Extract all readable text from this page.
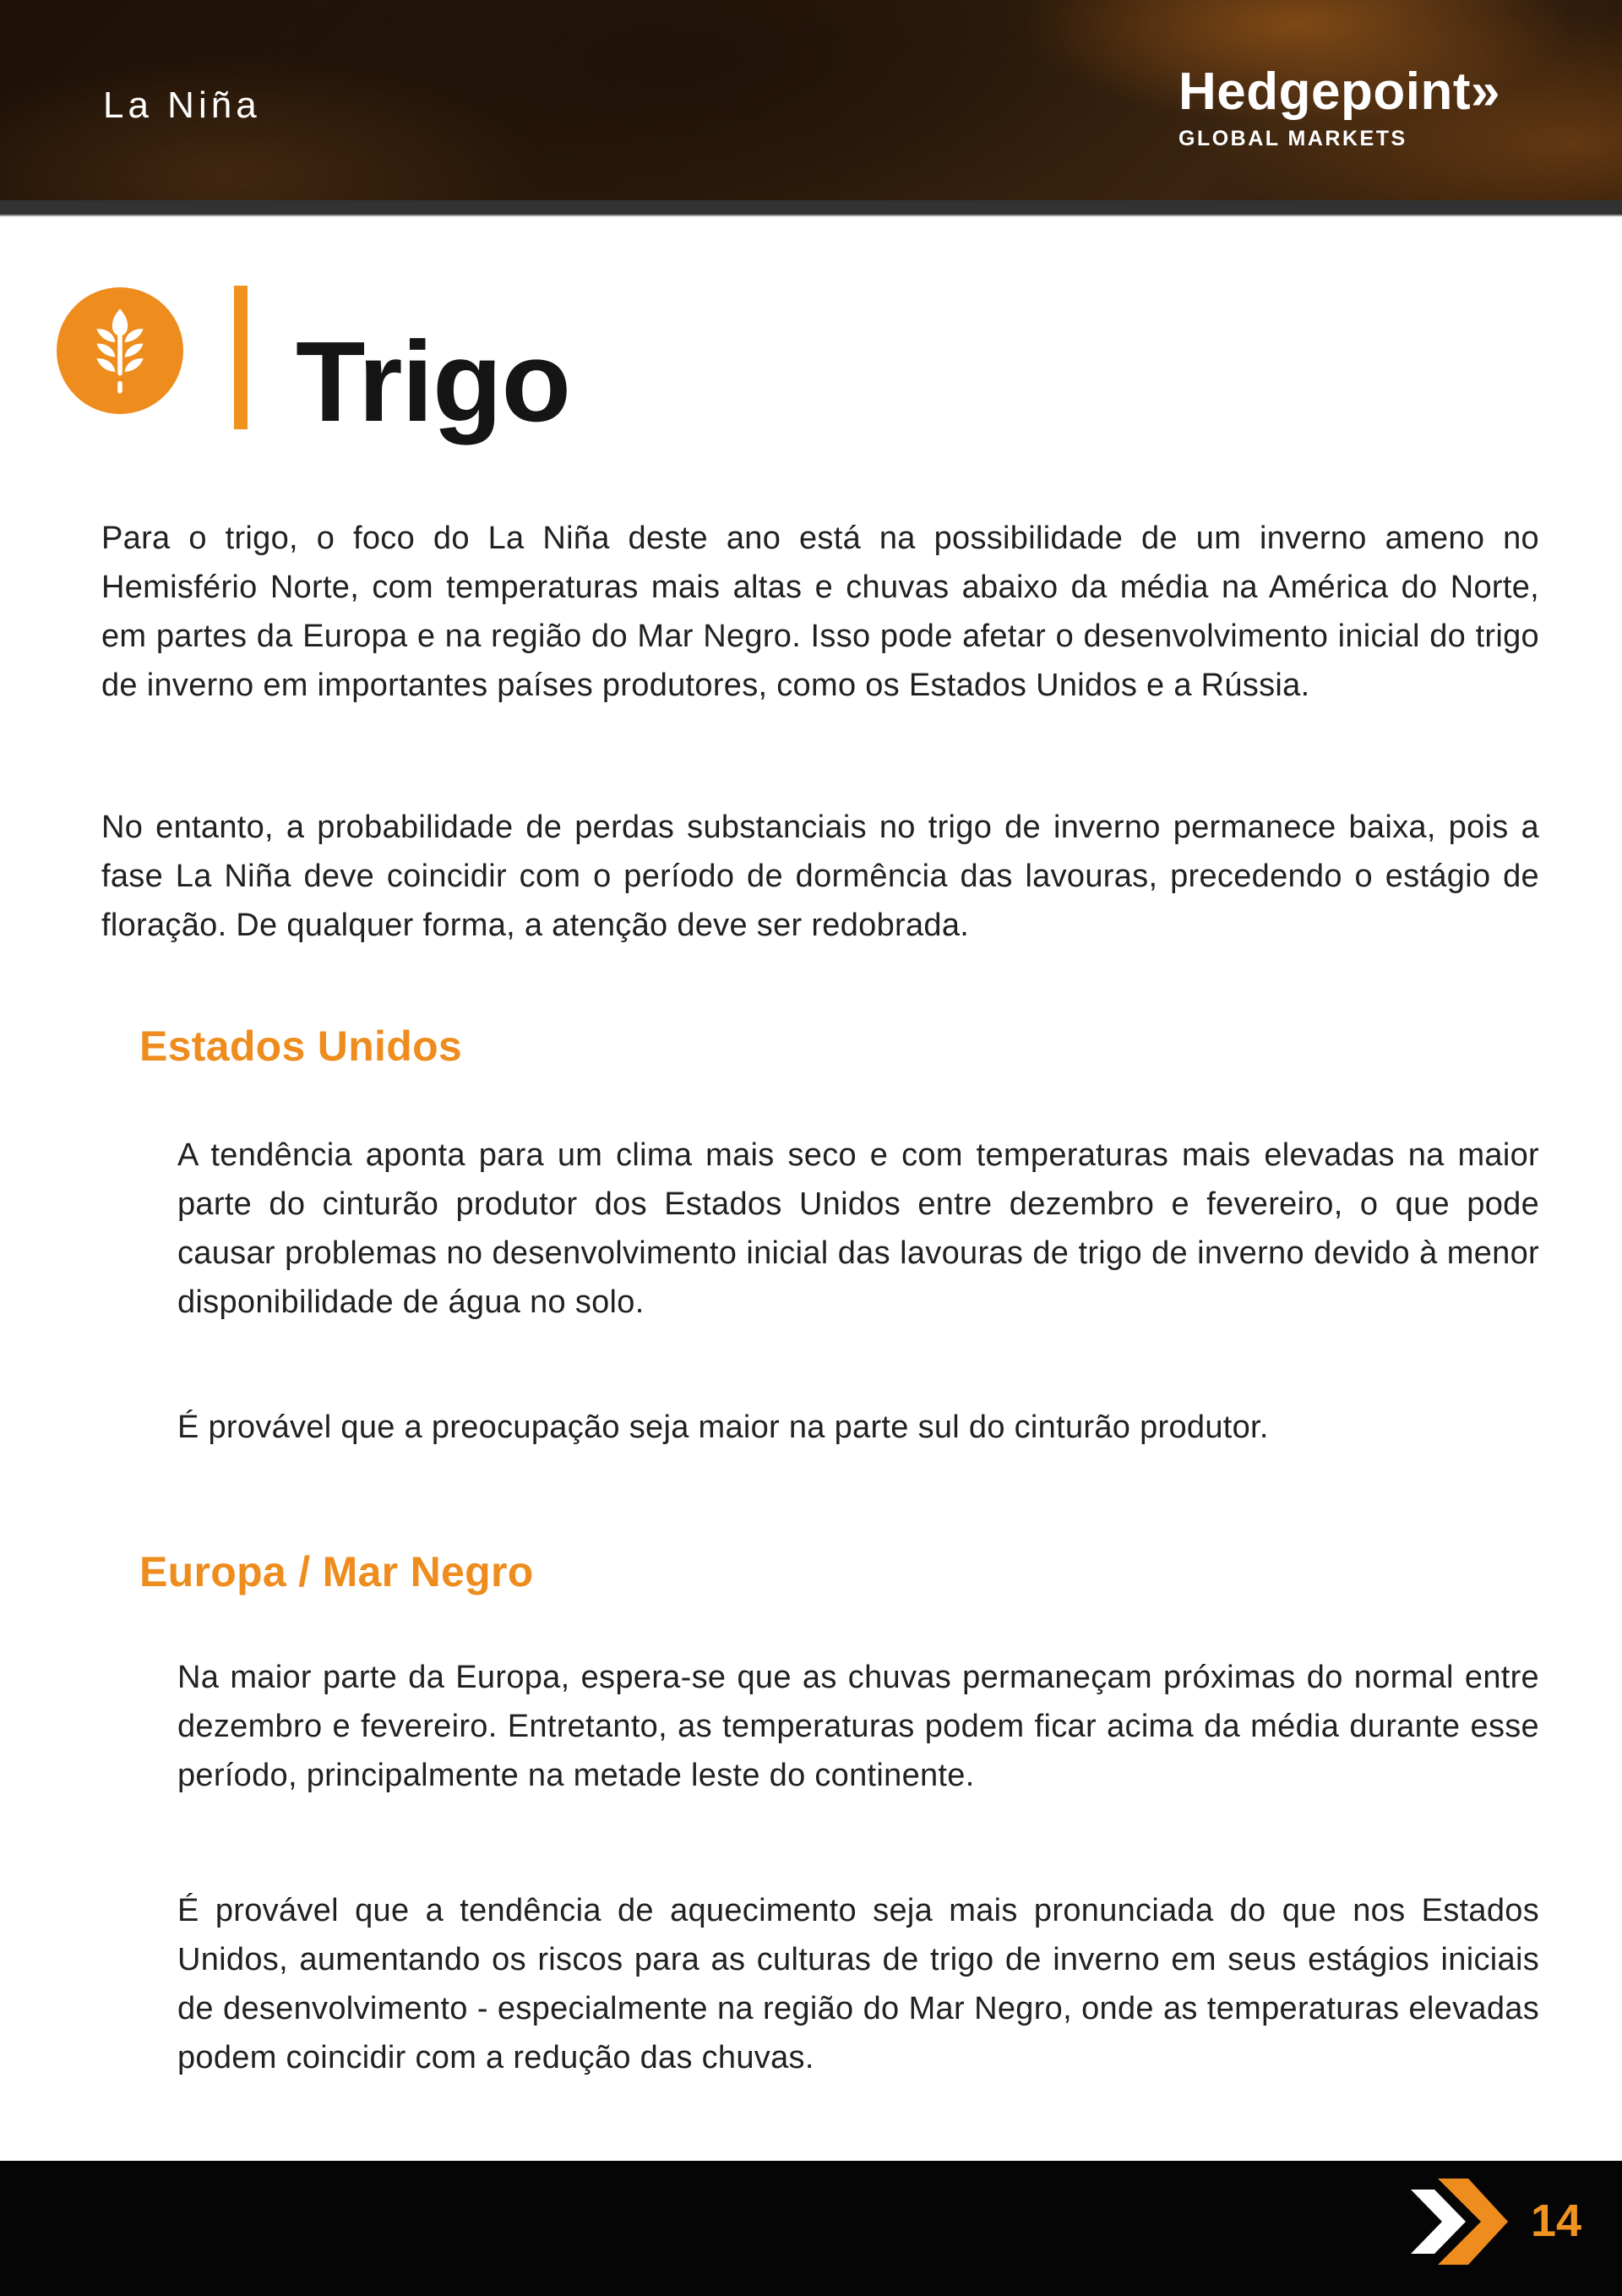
La Niña	Hedgepoint»
GLOBAL MARKETS
Trigo

Para o trigo, o foco do La Niña deste ano está na possibilidade de um inverno ameno no Hemisfério Norte, com temperaturas mais altas e chuvas abaixo da média na América do Norte, em partes da Europa e na região do Mar Negro. Isso pode afetar o desenvolvimento inicial do trigo de inverno em importantes países produtores, como os Estados Unidos e a Rússia.

No entanto, a probabilidade de perdas substanciais no trigo de inverno permanece baixa, pois a fase La Niña deve coincidir com o período de dormência das lavouras, precedendo o estágio de floração. De qualquer forma, a atenção deve ser redobrada.

Estados Unidos

A tendência aponta para um clima mais seco e com temperaturas mais elevadas na maior parte do cinturão produtor dos Estados Unidos entre dezembro e fevereiro, o que pode causar problemas no desenvolvimento inicial das lavouras de trigo de inverno devido à menor disponibilidade de água no solo.

É provável que a preocupação seja maior na parte sul do cinturão produtor.

Europa / Mar Negro

Na maior parte da Europa, espera-se que as chuvas permaneçam próximas do normal entre dezembro e fevereiro. Entretanto, as temperaturas podem ficar acima da média durante esse período, principalmente na metade leste do continente.

É provável que a tendência de aquecimento seja mais pronunciada do que nos Estados Unidos, aumentando os riscos para as culturas de trigo de inverno em seus estágios iniciais de desenvolvimento - especialmente na região do Mar Negro, onde as temperaturas elevadas podem coincidir com a redução das chuvas.

14
